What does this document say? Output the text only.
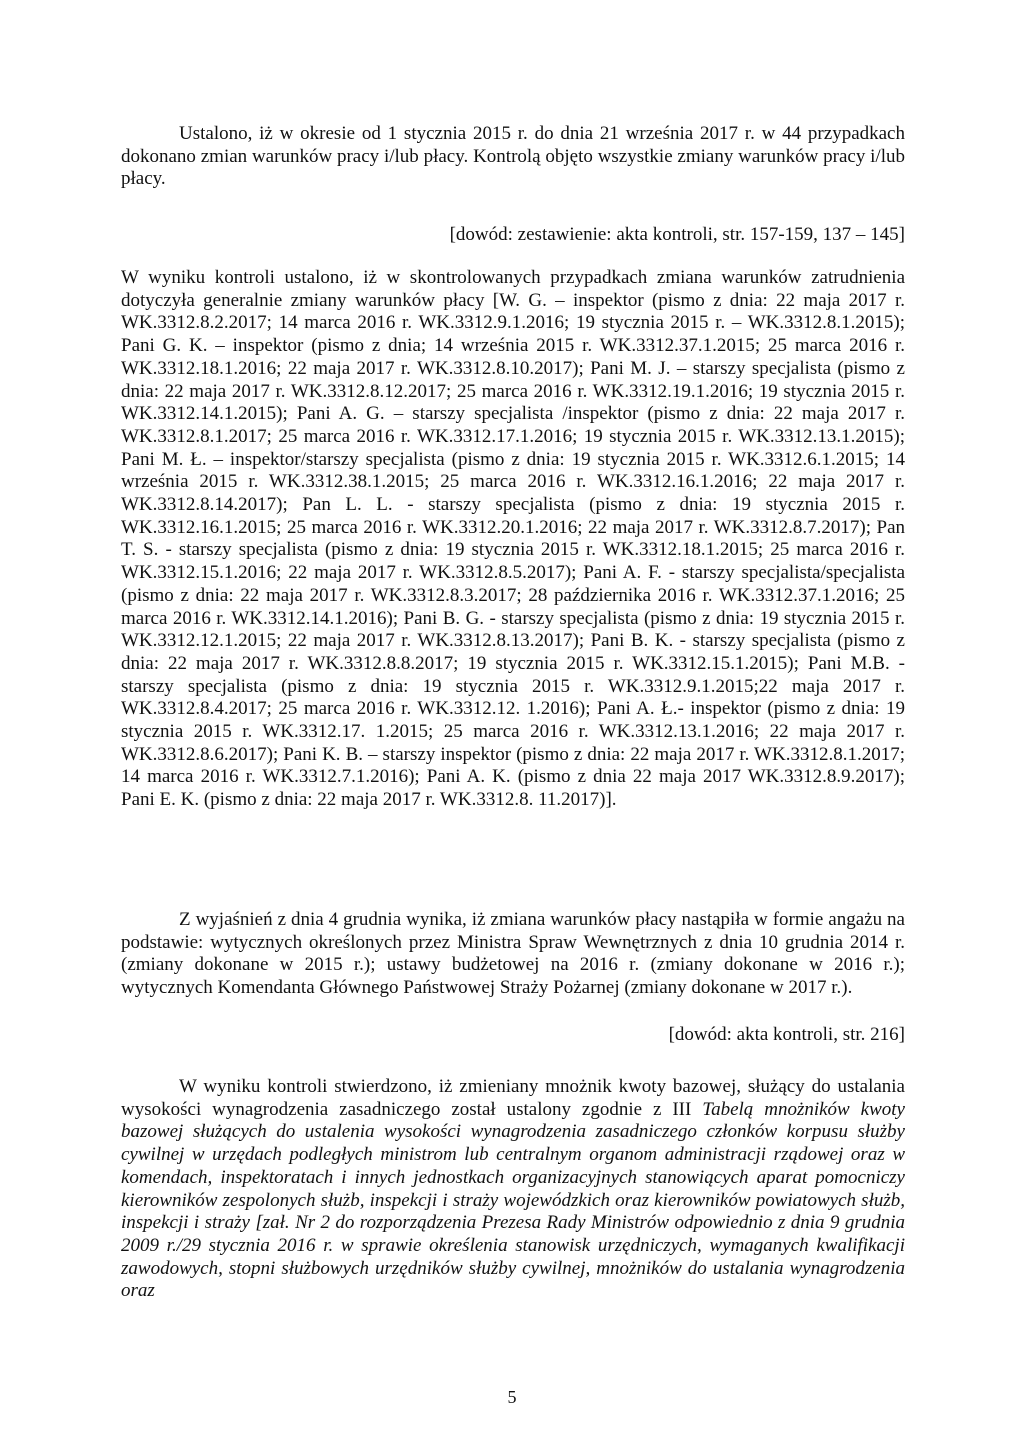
Ustalono, iż w okresie od 1 stycznia 2015 r. do dnia 21 września 2017 r. w 44 przypadkach dokonano zmian warunków pracy i/lub płacy. Kontrolą objęto wszystkie zmiany warunków pracy i/lub płacy.
[dowód: zestawienie: akta kontroli, str. 157-159, 137 – 145]
W wyniku kontroli ustalono, iż w skontrolowanych przypadkach zmiana warunków zatrudnienia dotyczyła generalnie zmiany warunków płacy [W. G. – inspektor (pismo z dnia: 22 maja 2017 r. WK.3312.8.2.2017; 14 marca 2016 r. WK.3312.9.1.2016; 19 stycznia 2015 r. – WK.3312.8.1.2015); Pani G. K. – inspektor (pismo z dnia; 14 września 2015 r. WK.3312.37.1.2015; 25 marca 2016 r. WK.3312.18.1.2016; 22 maja 2017 r. WK.3312.8.10.2017); Pani M. J. – starszy specjalista (pismo z dnia: 22 maja 2017 r. WK.3312.8.12.2017; 25 marca 2016 r. WK.3312.19.1.2016; 19 stycznia 2015 r. WK.3312.14.1.2015); Pani A. G. – starszy specjalista /inspektor (pismo z dnia: 22 maja 2017 r. WK.3312.8.1.2017; 25 marca 2016 r. WK.3312.17.1.2016; 19 stycznia 2015 r. WK.3312.13.1.2015); Pani M. Ł. – inspektor/starszy specjalista (pismo z dnia: 19 stycznia 2015 r. WK.3312.6.1.2015; 14 września 2015 r. WK.3312.38.1.2015; 25 marca 2016 r. WK.3312.16.1.2016; 22 maja 2017 r. WK.3312.8.14.2017); Pan L. L. - starszy specjalista (pismo z dnia: 19 stycznia 2015 r. WK.3312.16.1.2015; 25 marca 2016 r. WK.3312.20.1.2016; 22 maja 2017 r. WK.3312.8.7.2017); Pan T. S. - starszy specjalista (pismo z dnia: 19 stycznia 2015 r. WK.3312.18.1.2015; 25 marca 2016 r. WK.3312.15.1.2016; 22 maja 2017 r. WK.3312.8.5.2017); Pani A. F. - starszy specjalista/specjalista (pismo z dnia: 22 maja 2017 r. WK.3312.8.3.2017; 28 października 2016 r. WK.3312.37.1.2016; 25 marca 2016 r. WK.3312.14.1.2016); Pani B. G. - starszy specjalista (pismo z dnia: 19 stycznia 2015 r. WK.3312.12.1.2015; 22 maja 2017 r. WK.3312.8.13.2017); Pani B. K. - starszy specjalista (pismo z dnia: 22 maja 2017 r. WK.3312.8.8.2017; 19 stycznia 2015 r. WK.3312.15.1.2015); Pani M.B. - starszy specjalista (pismo z dnia: 19 stycznia 2015 r. WK.3312.9.1.2015;22 maja 2017 r. WK.3312.8.4.2017; 25 marca 2016 r. WK.3312.12. 1.2016); Pani A. Ł.- inspektor (pismo z dnia: 19 stycznia 2015 r. WK.3312.17. 1.2015; 25 marca 2016 r. WK.3312.13.1.2016; 22 maja 2017 r. WK.3312.8.6.2017); Pani K. B. – starszy inspektor (pismo z dnia: 22 maja 2017 r. WK.3312.8.1.2017; 14 marca 2016 r. WK.3312.7.1.2016); Pani A. K. (pismo z dnia 22 maja 2017 WK.3312.8.9.2017); Pani E. K. (pismo z dnia: 22 maja 2017 r. WK.3312.8. 11.2017)].
Z wyjaśnień z dnia 4 grudnia wynika, iż zmiana warunków płacy nastąpiła w formie angażu na podstawie: wytycznych określonych przez Ministra Spraw Wewnętrznych z dnia 10 grudnia 2014 r. (zmiany dokonane w 2015 r.); ustawy budżetowej na 2016 r. (zmiany dokonane w 2016 r.); wytycznych Komendanta Głównego Państwowej Straży Pożarnej (zmiany dokonane w 2017 r.).
[dowód: akta kontroli, str. 216]
W wyniku kontroli stwierdzono, iż zmieniany mnożnik kwoty bazowej, służący do ustalania wysokości wynagrodzenia zasadniczego został ustalony zgodnie z III Tabelą mnożników kwoty bazowej służących do ustalenia wysokości wynagrodzenia zasadniczego członków korpusu służby cywilnej w urzędach podległych ministrom lub centralnym organom administracji rządowej oraz w komendach, inspektoratach i innych jednostkach organizacyjnych stanowiących aparat pomocniczy kierowników zespolonych służb, inspekcji i straży wojewódzkich oraz kierowników powiatowych służb, inspekcji i straży [zał. Nr 2 do rozporządzenia Prezesa Rady Ministrów odpowiednio z dnia 9 grudnia 2009 r./29 stycznia 2016 r. w sprawie określenia stanowisk urzędniczych, wymaganych kwalifikacji zawodowych, stopni służbowych urzędników służby cywilnej, mnożników do ustalania wynagrodzenia oraz
5
